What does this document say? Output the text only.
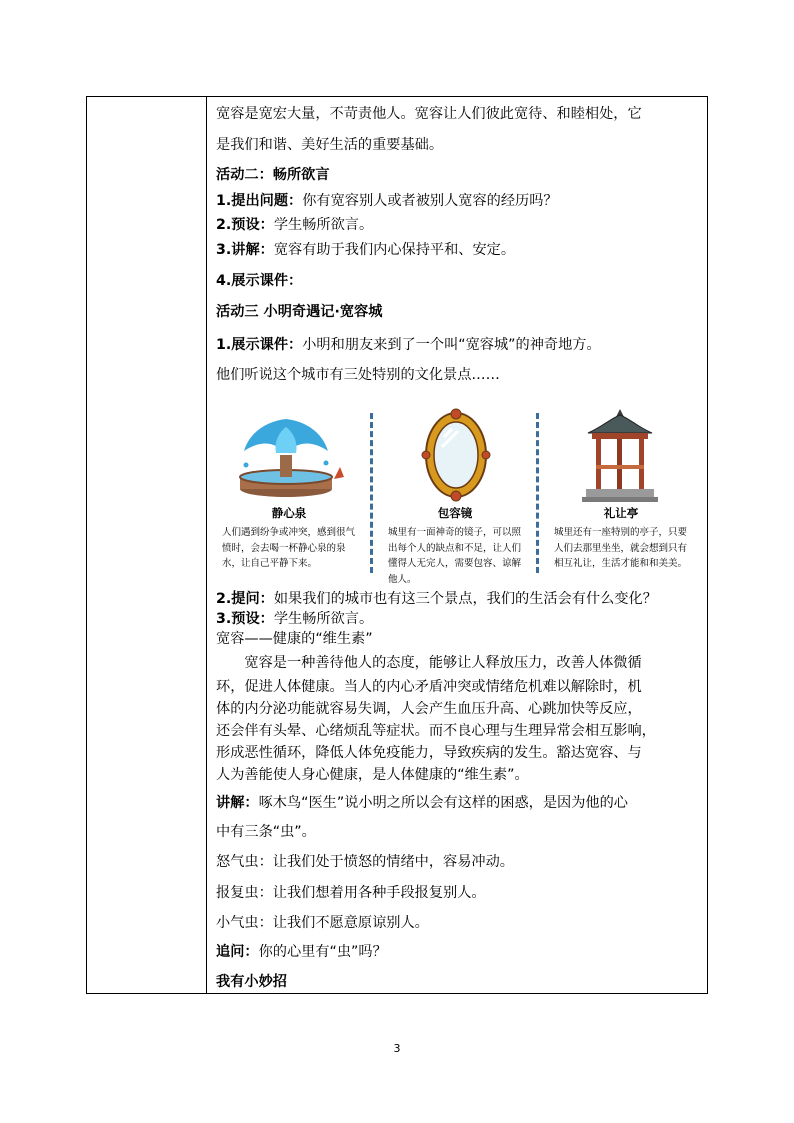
宽容是宽宏大量，不苛责他人。宽容让人们彼此宽待、和睦相处，它
是我们和谐、美好生活的重要基础。
活动二：畅所欲言
1.提出问题：你有宽容别人或者被别人宽容的经历吗？
2.预设：学生畅所欲言。
3.讲解：宽容有助于我们内心保持平和、安定。
4.展示课件：
活动三 小明奇遇记·宽容城
1.展示课件：小明和朋友来到了一个叫“宽容城”的神奇地方。
他们听说这个城市有三处特别的文化景点……
静心泉
人们遇到纷争或冲突，感到很气愤时，会去喝一杯静心泉的泉水，让自己平静下来。
包容镜
城里有一面神奇的镜子，可以照出每个人的缺点和不足，让人们懂得人无完人，需要包容、谅解他人。
礼让亭
城里还有一座特别的亭子，只要人们去那里坐坐，就会想到只有相互礼让，生活才能和和美美。
2.提问：如果我们的城市也有这三个景点，我们的生活会有什么变化？
3.预设：学生畅所欲言。
宽容——健康的“维生素”
　　宽容是一种善待他人的态度，能够让人释放压力，改善人体微循
环，促进人体健康。当人的内心矛盾冲突或情绪危机难以解除时，机
体的内分泌功能就容易失调，人会产生血压升高、心跳加快等反应，
还会伴有头晕、心绪烦乱等症状。而不良心理与生理异常会相互影响，
形成恶性循环，降低人体免疫能力，导致疾病的发生。豁达宽容、与
人为善能使人身心健康，是人体健康的“维生素”。
讲解：啄木鸟“医生”说小明之所以会有这样的困惑，是因为他的心
中有三条“虫”。
怒气虫：让我们处于愤怒的情绪中，容易冲动。
报复虫：让我们想着用各种手段报复别人。
小气虫：让我们不愿意原谅别人。
追问：你的心里有“虫”吗？
我有小妙招
3
